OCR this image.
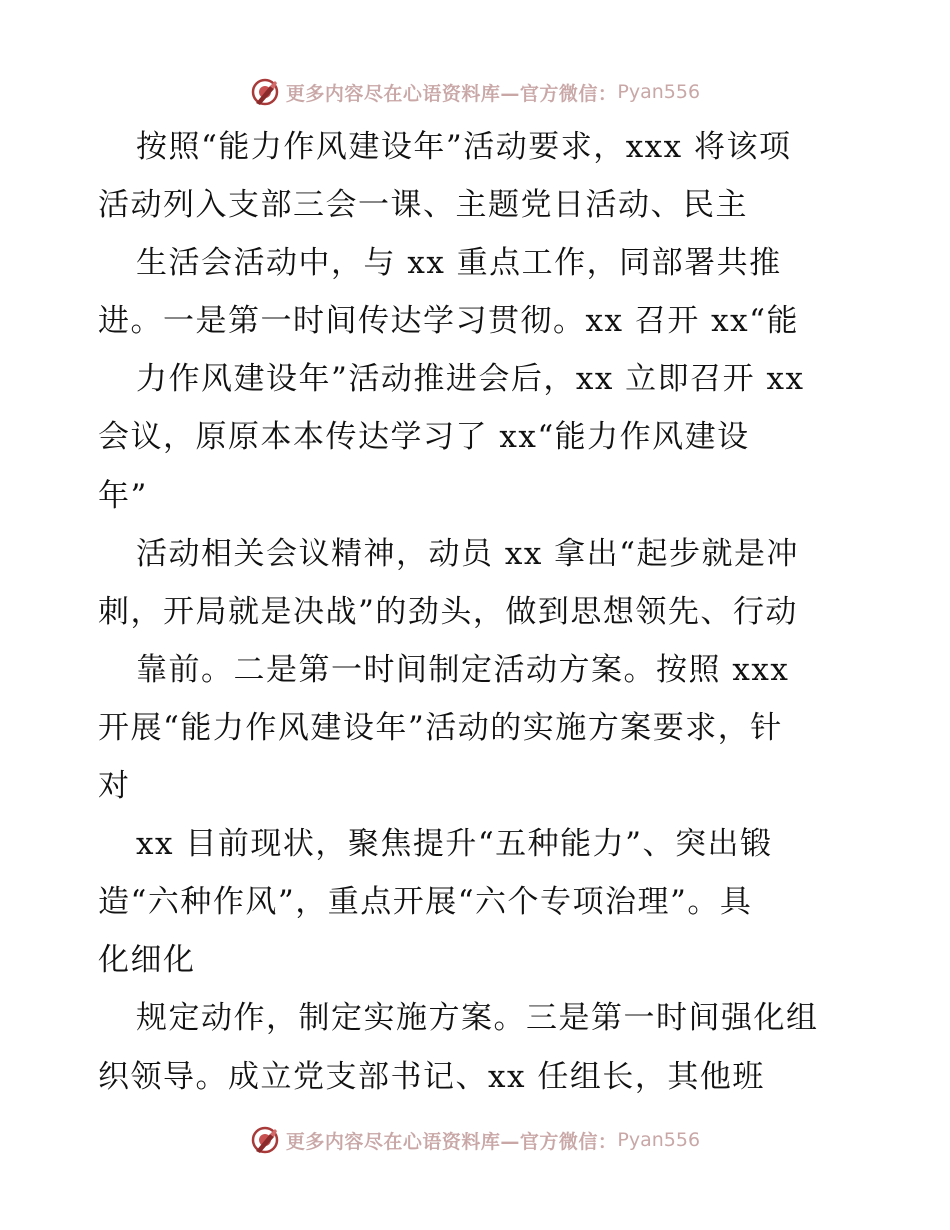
更多内容尽在心语资料库—官方微信： Pyan556
按照“能力作风建设年”活动要求，xxx 将该项
活动列入支部三会一课、主题党日活动、民主
生活会活动中，与 xx 重点工作，同部署共推
进。一是第一时间传达学习贯彻。xx 召开 xx“能
力作风建设年”活动推进会后，xx 立即召开 xx
会议，原原本本传达学习了 xx“能力作风建设
年”
活动相关会议精神，动员 xx 拿出“起步就是冲
刺，开局就是决战”的劲头，做到思想领先、行动
靠前。二是第一时间制定活动方案。按照 xxx
开展“能力作风建设年”活动的实施方案要求，针
对
xx 目前现状，聚焦提升“五种能力”、突出锻
造“六种作风”，重点开展“六个专项治理”。具
化细化
规定动作，制定实施方案。三是第一时间强化组
织领导。成立党支部书记、xx 任组长，其他班
更多内容尽在心语资料库—官方微信： Pyan556
